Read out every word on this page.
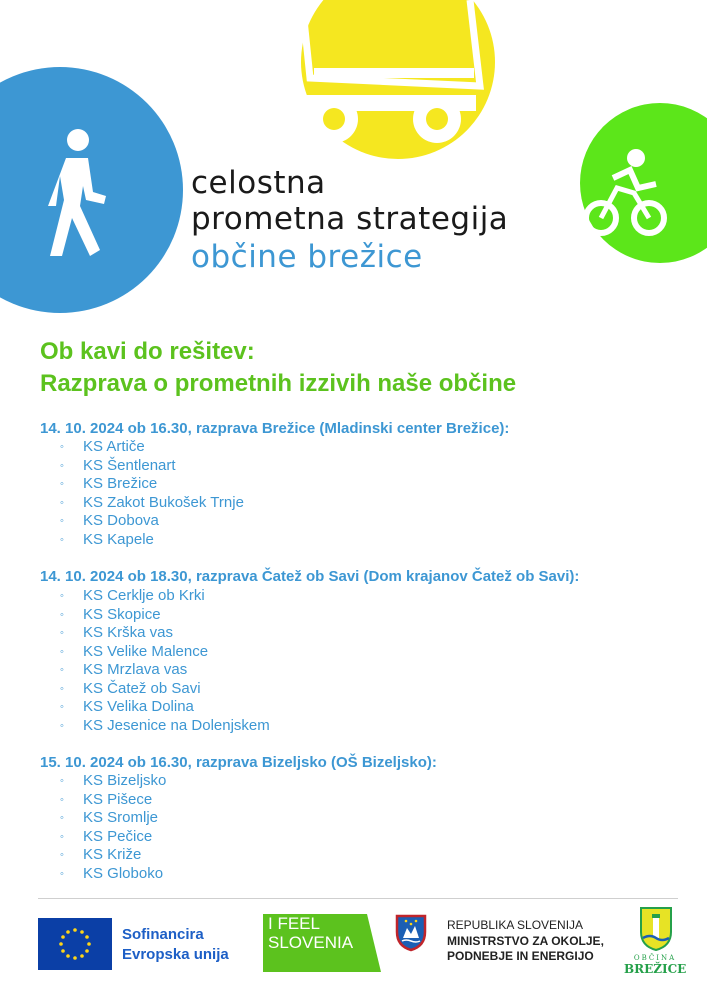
celostna
prometna strategija
občine brežice
Ob kavi do rešitev:
Razprava o prometnih izzivih naše občine
14. 10. 2024 ob 16.30, razprava Brežice (Mladinski center Brežice):
◦ KS Artiče
◦ KS Šentlenart
◦ KS Brežice
◦ KS Zakot Bukošek Trnje
◦ KS Dobova
◦ KS Kapele
14. 10. 2024 ob 18.30, razprava Čatež ob Savi (Dom krajanov Čatež ob Savi):
◦ KS Cerklje ob Krki
◦ KS Skopice
◦ KS Krška vas
◦ KS Velike Malence
◦ KS Mrzlava vas
◦ KS Čatež ob Savi
◦ KS Velika Dolina
◦ KS Jesenice na Dolenjskem
15. 10. 2024 ob 16.30, razprava Bizeljsko (OŠ Bizeljsko):
◦ KS Bizeljsko
◦ KS Pišece
◦ KS Sromlje
◦ KS Pečice
◦ KS Križe
◦ KS Globoko
Sofinancira
Evropska unija
I FEEL
SLOVENIA
REPUBLIKA SLOVENIJA
MINISTRSTVO ZA OKOLJE,
PODNEBJE IN ENERGIJO	OBČINA
BREŽICE
